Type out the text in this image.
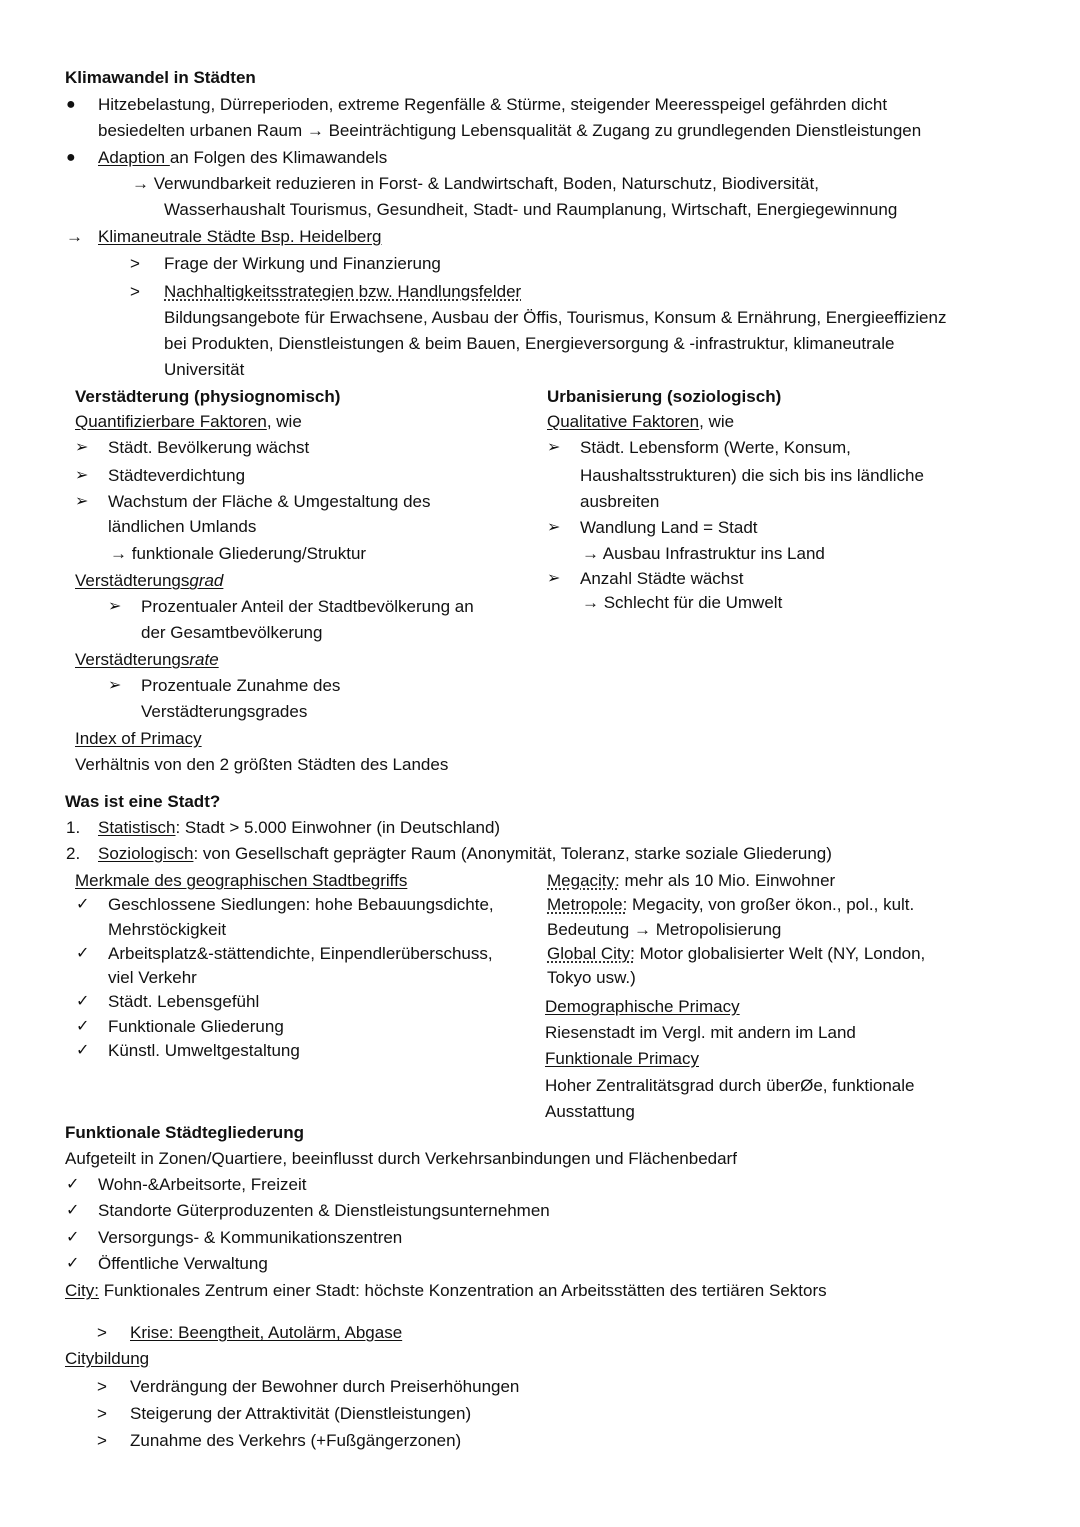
Klimawandel in Städten
● Hitzebelastung, Dürreperioden, extreme Regenfälle & Stürme, steigender Meeresspeigel gefährden dicht
besiedelten urbanen Raum → Beeinträchtigung Lebensqualität & Zugang zu grundlegenden Dienstleistungen
● Adaption an Folgen des Klimawandels
→ Verwundbarkeit reduzieren in Forst- & Landwirtschaft, Boden, Naturschutz, Biodiversität,
Wasserhaushalt Tourismus, Gesundheit, Stadt- und Raumplanung, Wirtschaft, Energiegewinnung
→ Klimaneutrale Städte Bsp. Heidelberg
> Frage der Wirkung und Finanzierung
> Nachhaltigkeitsstrategien bzw. Handlungsfelder
Bildungsangebote für Erwachsene, Ausbau der Öffis, Tourismus, Konsum & Ernährung, Energieeffizienz
bei Produkten, Dienstleistungen & beim Bauen, Energieversorgung & -infrastruktur, klimaneutrale
Universität
Verstädterung (physiognomisch)
Quantifizierbare Faktoren, wie
➢ Städt. Bevölkerung wächst
➢ Städteverdichtung
➢ Wachstum der Fläche & Umgestaltung des
ländlichen Umlands
→ funktionale Gliederung/Struktur
Verstädterungsgrad
➢ Prozentualer Anteil der Stadtbevölkerung an
der Gesamtbevölkerung
Verstädterungsrate
➢ Prozentuale Zunahme des
Verstädterungsgrades
Index of Primacy
Verhältnis von den 2 größten Städten des Landes
Urbanisierung (soziologisch)
Qualitative Faktoren, wie
➢ Städt. Lebensform (Werte, Konsum,
Haushaltsstrukturen) die sich bis ins ländliche
ausbreiten
➢ Wandlung Land = Stadt
→ Ausbau Infrastruktur ins Land
➢ Anzahl Städte wächst
→ Schlecht für die Umwelt
Was ist eine Stadt?
1. Statistisch: Stadt > 5.000 Einwohner (in Deutschland)
2. Soziologisch: von Gesellschaft geprägter Raum (Anonymität, Toleranz, starke soziale Gliederung)
Merkmale des geographischen Stadtbegriffs
✓ Geschlossene Siedlungen: hohe Bebauungsdichte,
Mehrstöckigkeit
✓ Arbeitsplatz&-stättendichte, Einpendlerüberschuss,
viel Verkehr
✓ Städt. Lebensgefühl
✓ Funktionale Gliederung
✓ Künstl. Umweltgestaltung
Megacity: mehr als 10 Mio. Einwohner
Metropole: Megacity, von großer ökon., pol., kult.
Bedeutung → Metropolisierung
Global City: Motor globalisierter Welt (NY, London,
Tokyo usw.)
Demographische Primacy
Riesenstadt im Vergl. mit andern im Land
Funktionale Primacy
Hoher Zentralitätsgrad durch überØe, funktionale
Ausstattung
Funktionale Städtegliederung
Aufgeteilt in Zonen/Quartiere, beeinflusst durch Verkehrsanbindungen und Flächenbedarf
✓ Wohn-&Arbeitsorte, Freizeit
✓ Standorte Güterproduzenten & Dienstleistungsunternehmen
✓ Versorgungs- & Kommunikationszentren
✓ Öffentliche Verwaltung
City: Funktionales Zentrum einer Stadt: höchste Konzentration an Arbeitsstätten des tertiären Sektors
> Krise: Beengtheit, Autolärm, Abgase
Citybildung
> Verdrängung der Bewohner durch Preiserhöhungen
> Steigerung der Attraktivität (Dienstleistungen)
> Zunahme des Verkehrs (+Fußgängerzonen)
